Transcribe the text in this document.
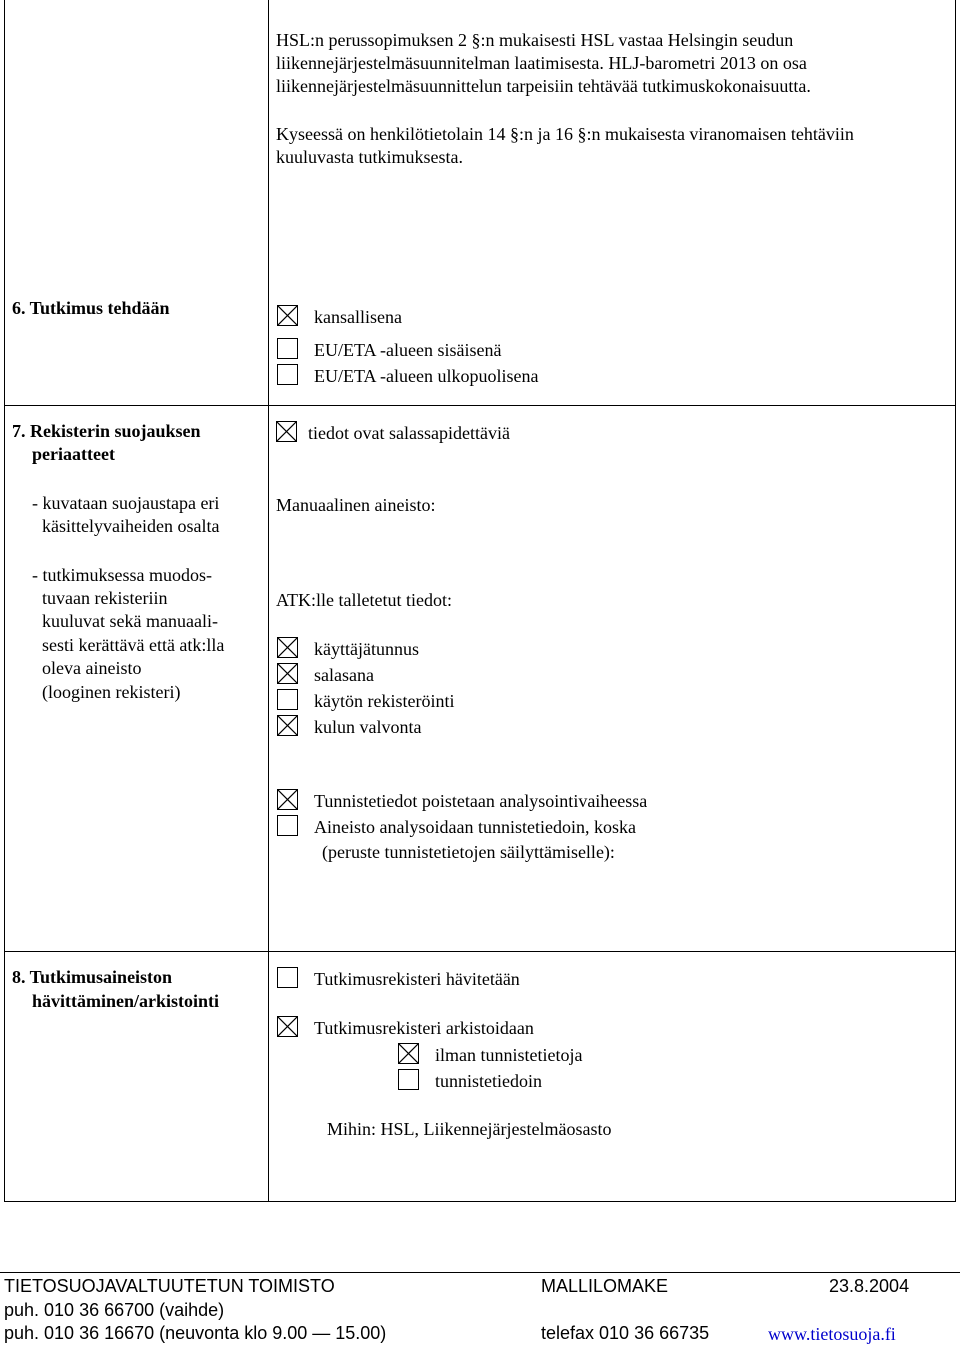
HSL:n perussopimuksen 2 §:n mukaisesti HSL vastaa Helsingin seudun
liikennejärjestelmäsuunnitelman laatimisesta. HLJ-barometri 2013 on osa
liikennejärjestelmäsuunnittelun tarpeisiin tehtävää tutkimuskokonaisuutta.
Kyseessä on henkilötietolain 14 §:n ja 16 §:n mukaisesta viranomaisen tehtäviin
kuuluvasta tutkimuksesta.
6. Tutkimus tehdään	kansallisena
EU/ETA -alueen sisäisenä
EU/ETA -alueen ulkopuolisena
7. Rekisterin suojauksen
periaatteet
- kuvataan suojaustapa eri
käsittelyvaiheiden osalta
- tutkimuksessa muodos-
tuvaan rekisteriin
kuuluvat sekä manuaali-
sesti kerättävä että atk:lla
oleva aineisto
(looginen rekisteri)
tiedot ovat salassapidettäviä
Manuaalinen aineisto:
ATK:lle talletetut tiedot:
käyttäjätunnus
salasana
käytön rekisteröinti
kulun valvonta
Tunnistetiedot poistetaan analysointivaiheessa
Aineisto analysoidaan tunnistetiedoin, koska
(peruste tunnistetietojen säilyttämiselle):
8. Tutkimusaineiston
hävittäminen/arkistointi
Tutkimusrekisteri hävitetään
Tutkimusrekisteri arkistoidaan
ilman tunnistetietoja
tunnistetiedoin
Mihin: HSL, Liikennejärjestelmäosasto
TIETOSUOJAVALTUUTETUN TOIMISTO	MALLILOMAKE	23.8.2004
puh. 010 36 66700 (vaihde)
puh. 010 36 16670 (neuvonta klo 9.00 — 15.00)	telefax 010 36 66735	www.tietosuoja.fi
